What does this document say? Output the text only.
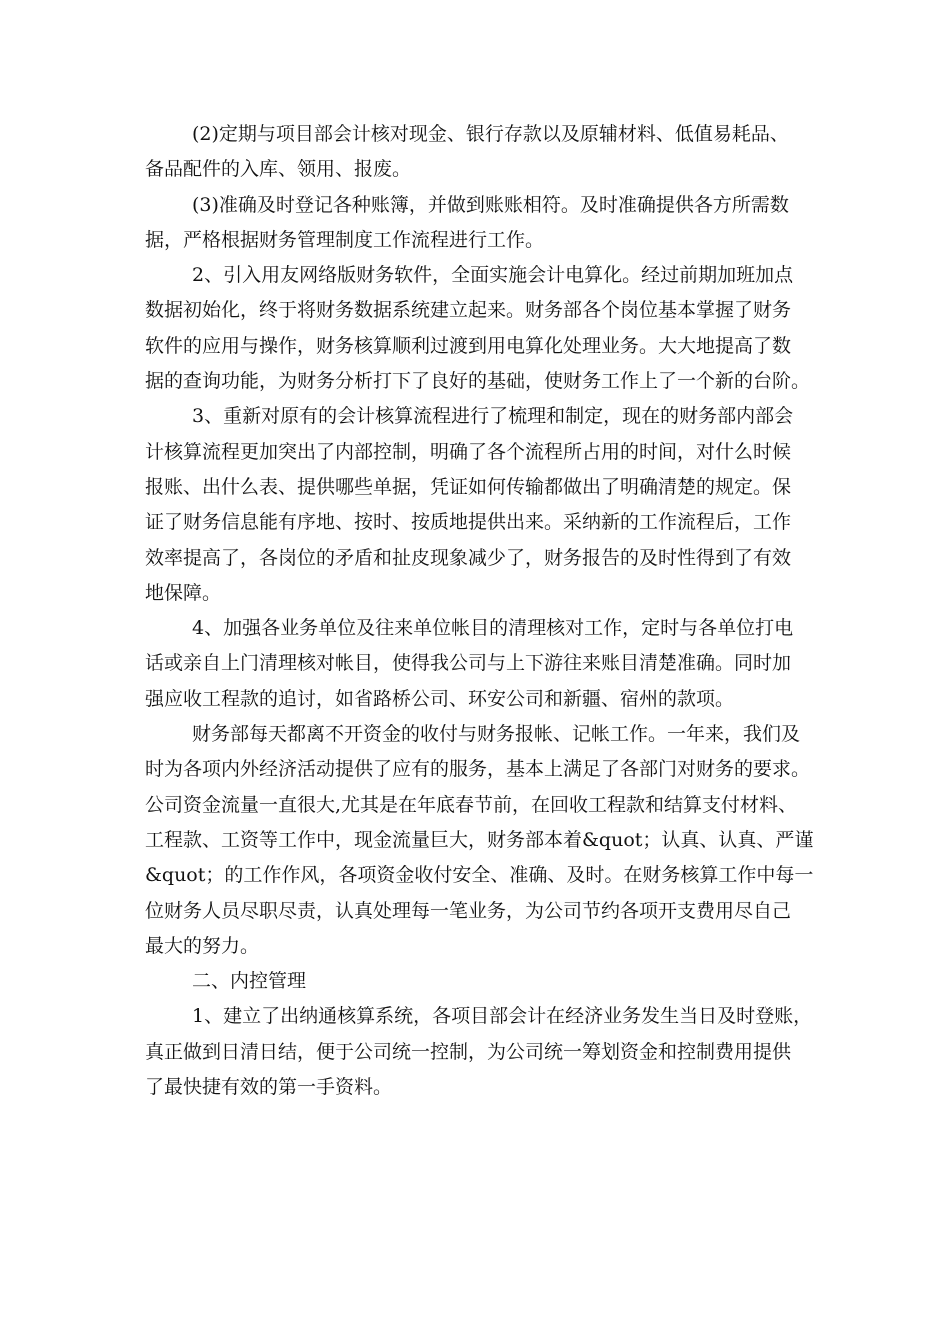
(2)定期与项目部会计核对现金、银行存款以及原辅材料、低值易耗品、
备品配件的入库、领用、报废。

(3)准确及时登记各种账簿，并做到账账相符。及时准确提供各方所需数
据，严格根据财务管理制度工作流程进行工作。

2、引入用友网络版财务软件，全面实施会计电算化。经过前期加班加点
数据初始化，终于将财务数据系统建立起来。财务部各个岗位基本掌握了财务
软件的应用与操作，财务核算顺利过渡到用电算化处理业务。大大地提高了数
据的查询功能，为财务分析打下了良好的基础，使财务工作上了一个新的台阶。

3、重新对原有的会计核算流程进行了梳理和制定，现在的财务部内部会
计核算流程更加突出了内部控制，明确了各个流程所占用的时间，对什么时候
报账、出什么表、提供哪些单据，凭证如何传输都做出了明确清楚的规定。保
证了财务信息能有序地、按时、按质地提供出来。采纳新的工作流程后，工作
效率提高了，各岗位的矛盾和扯皮现象减少了，财务报告的及时性得到了有效
地保障。

4、加强各业务单位及往来单位帐目的清理核对工作，定时与各单位打电
话或亲自上门清理核对帐目，使得我公司与上下游往来账目清楚准确。同时加
强应收工程款的追讨，如省路桥公司、环安公司和新疆、宿州的款项。

财务部每天都离不开资金的收付与财务报帐、记帐工作。一年来，我们及
时为各项内外经济活动提供了应有的服务，基本上满足了各部门对财务的要求。
公司资金流量一直很大,尤其是在年底春节前，在回收工程款和结算支付材料、
工程款、工资等工作中，现金流量巨大，财务部本着&quot；认真、认真、严谨
&quot；的工作作风，各项资金收付安全、准确、及时。在财务核算工作中每一
位财务人员尽职尽责，认真处理每一笔业务，为公司节约各项开支费用尽自己
最大的努力。

二、内控管理

1、建立了出纳通核算系统，各项目部会计在经济业务发生当日及时登账，
真正做到日清日结，便于公司统一控制，为公司统一筹划资金和控制费用提供
了最快捷有效的第一手资料。
